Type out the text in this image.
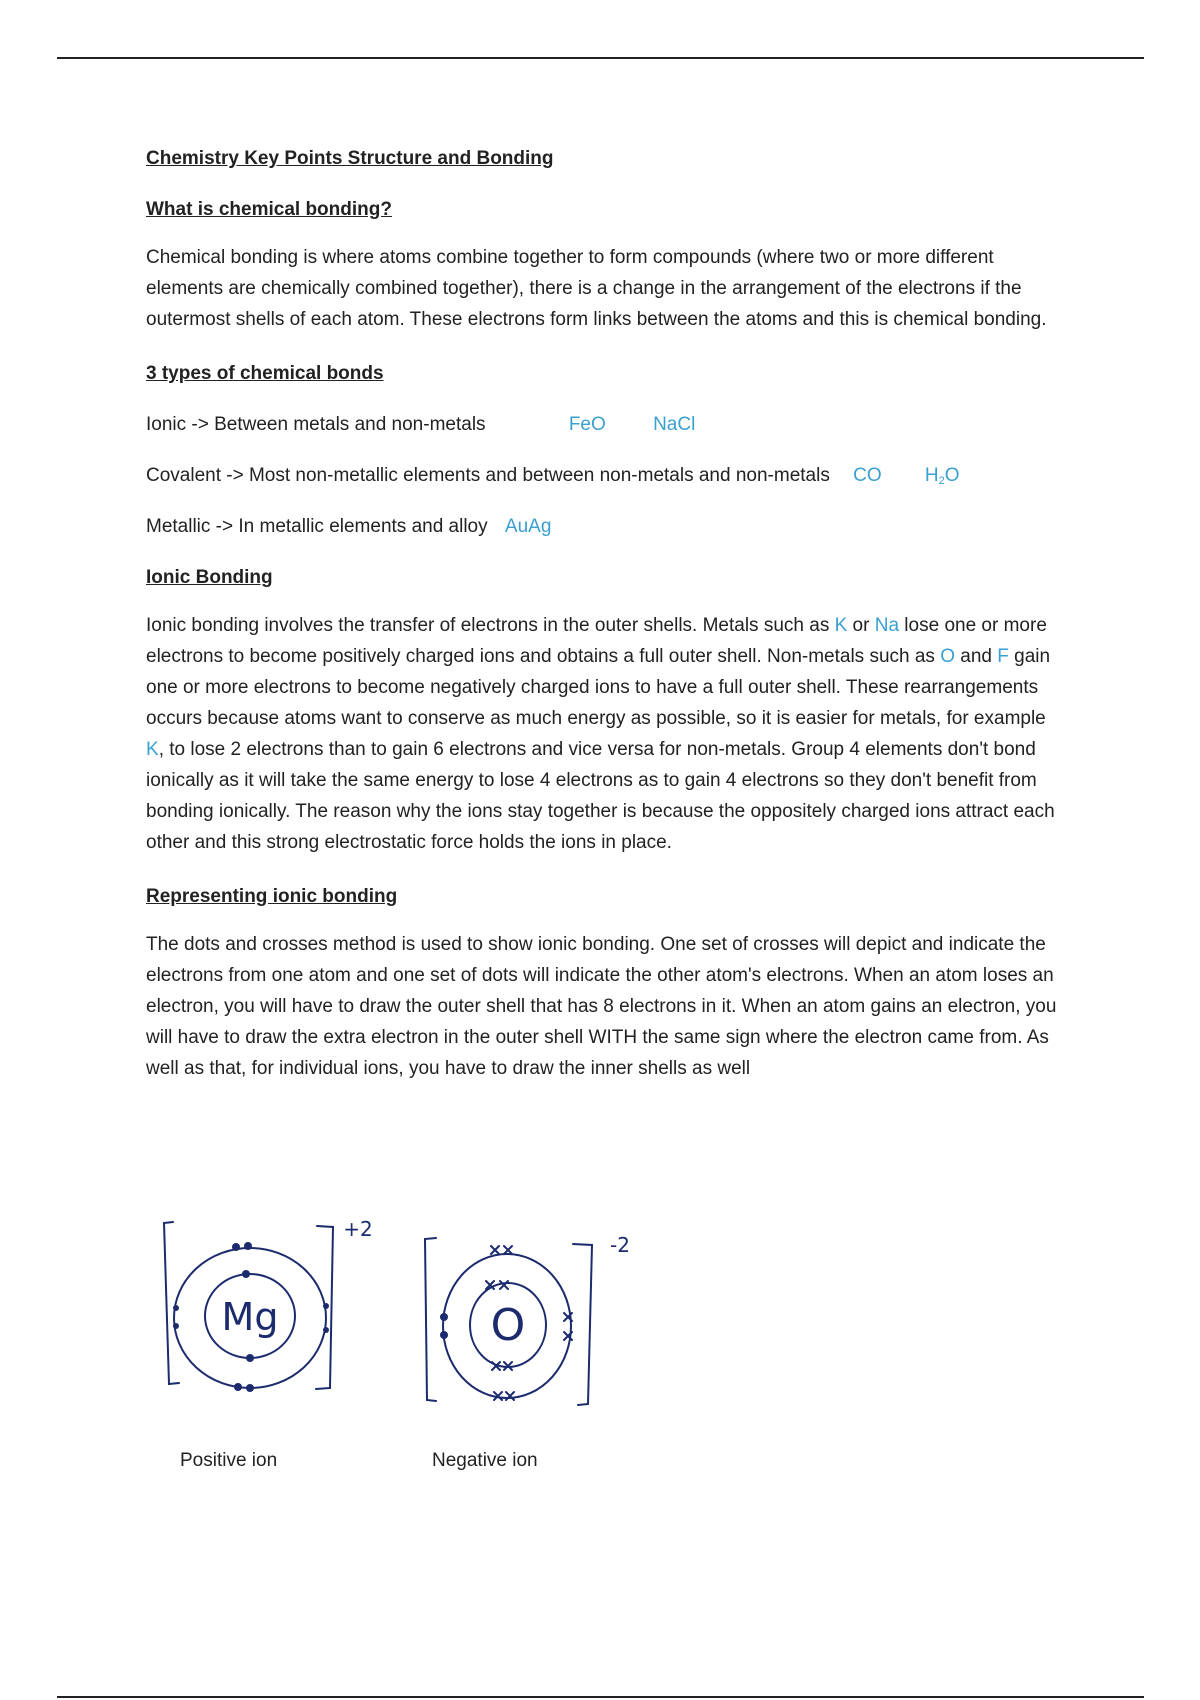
Chemistry Key Points Structure and Bonding

What is chemical bonding?

Chemical bonding is where atoms combine together to form compounds (where two or more different elements are chemically combined together), there is a change in the arrangement of the electrons if the outermost shells of each atom. These electrons form links between the atoms and this is chemical bonding.

3 types of chemical bonds

Ionic -> Between metals and non-metals	FeO NaCl

Covalent -> Most non-metallic elements and between non-metals and non-metals CO $H_2O$

Metallic -> In metallic elements and alloy AuAg

Ionic Bonding

Ionic bonding involves the transfer of electrons in the outer shells. Metals such as K or Na lose one or more electrons to become positively charged ions and obtains a full outer shell. Non-metals such as O and F gain one or more electrons to become negatively charged ions to have a full outer shell. These rearrangements occurs because atoms want to conserve as much energy as possible, so it is easier for metals, for example K, to lose 2 electrons than to gain 6 electrons and vice versa for non-metals. Group 4 elements don't bond ionically as it will take the same energy to lose 4 electrons as to gain 4 electrons so they don't benefit from bonding ionically. The reason why the ions stay together is because the oppositely charged ions attract each other and this strong electrostatic force holds the ions in place.

Representing ionic bonding

The dots and crosses method is used to show ionic bonding. One set of crosses will depict and indicate the electrons from one atom and one set of dots will indicate the other atom's electrons. When an atom loses an electron, you will have to draw the outer shell that has 8 electrons in it. When an atom gains an electron, you will have to draw the extra electron in the outer shell WITH the same sign where the electron came from. As well as that, for individual ions, you have to draw the inner shells as well

Mg
+2
O
-2
Positive ion	Negative ion
